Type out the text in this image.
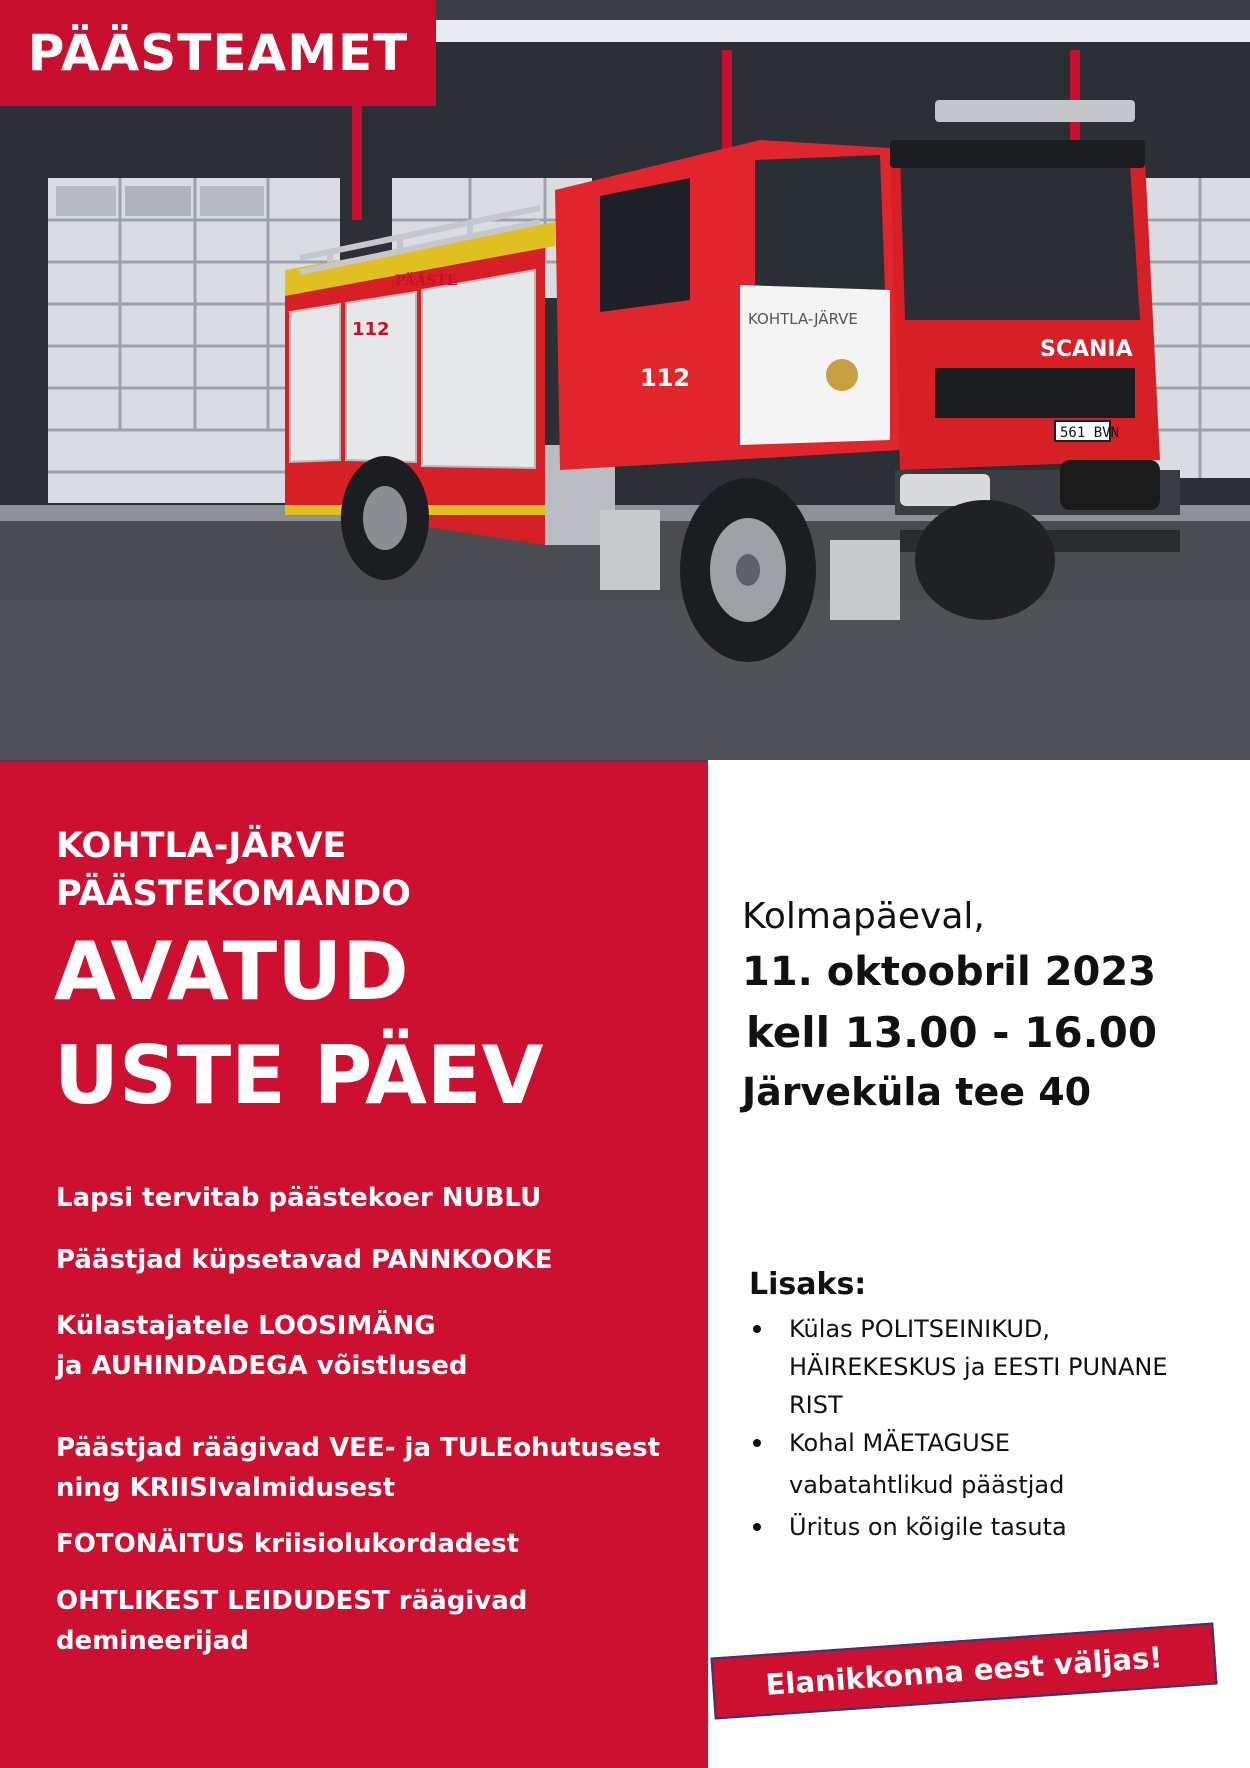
112
PÄÄSTE
KOHTLA-JÄRVE
112
SCANIA
561 BVN
PÄÄSTEAMET
KOHTLA-JÄRVE
PÄÄSTEKOMANDO
AVATUD
USTE PÄEV
Lapsi tervitab päästekoer NUBLU
Päästjad küpsetavad PANNKOOKE
Külastajatele LOOSIMÄNG
ja AUHINDADEGA võistlused
Päästjad räägivad VEE- ja TULEohutusest
ning KRIISIvalmidusest
FOTONÄITUS kriisiolukordadest
OHTLIKEST LEIDUDEST räägivad
demineerijad
Kolmapäeval,
11. oktoobril 2023
kell 13.00 - 16.00
Järveküla tee 40
Lisaks:
Külas POLITSEINIKUD,
HÄIREKESKUS ja EESTI PUNANE
RIST
Kohal MÄETAGUSE
vabatahtlikud päästjad
Üritus on kõigile tasuta
Elanikkonna eest väljas!
